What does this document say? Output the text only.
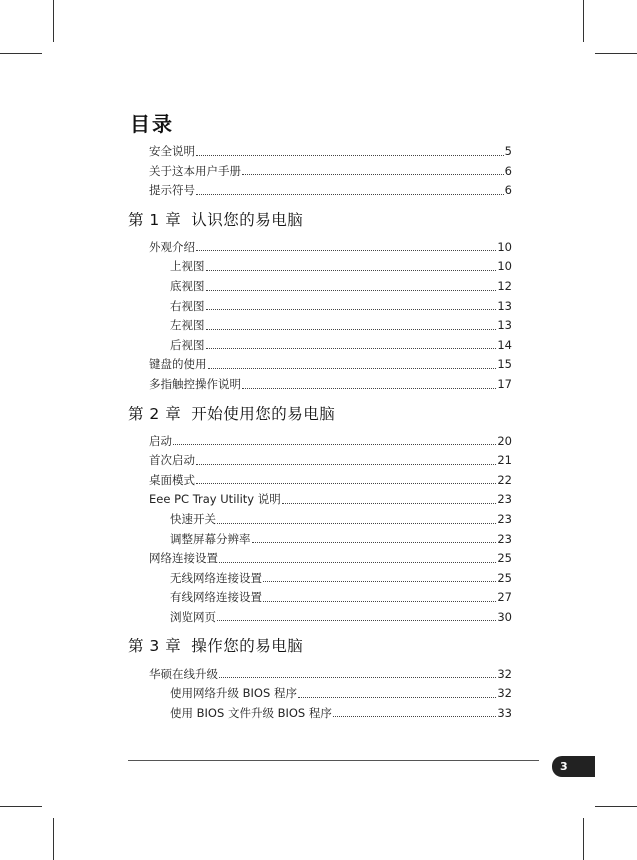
目录
安全说明	5
关于这本用户手册	6
提示符号	6
第 1 章 认识您的易电脑
外观介绍	10
上视图	10
底视图	12
右视图	13
左视图	13
后视图	14
键盘的使用	15
多指触控操作说明	17
第 2 章 开始使用您的易电脑
启动	20
首次启动	21
桌面模式	22
Eee PC Tray Utility 说明	23
快速开关	23
调整屏幕分辨率	23
网络连接设置	25
无线网络连接设置	25
有线网络连接设置	27
浏览网页	30
第 3 章 操作您的易电脑
华硕在线升级	32
使用网络升级 BIOS 程序	32
使用 BIOS 文件升级 BIOS 程序	33
3
